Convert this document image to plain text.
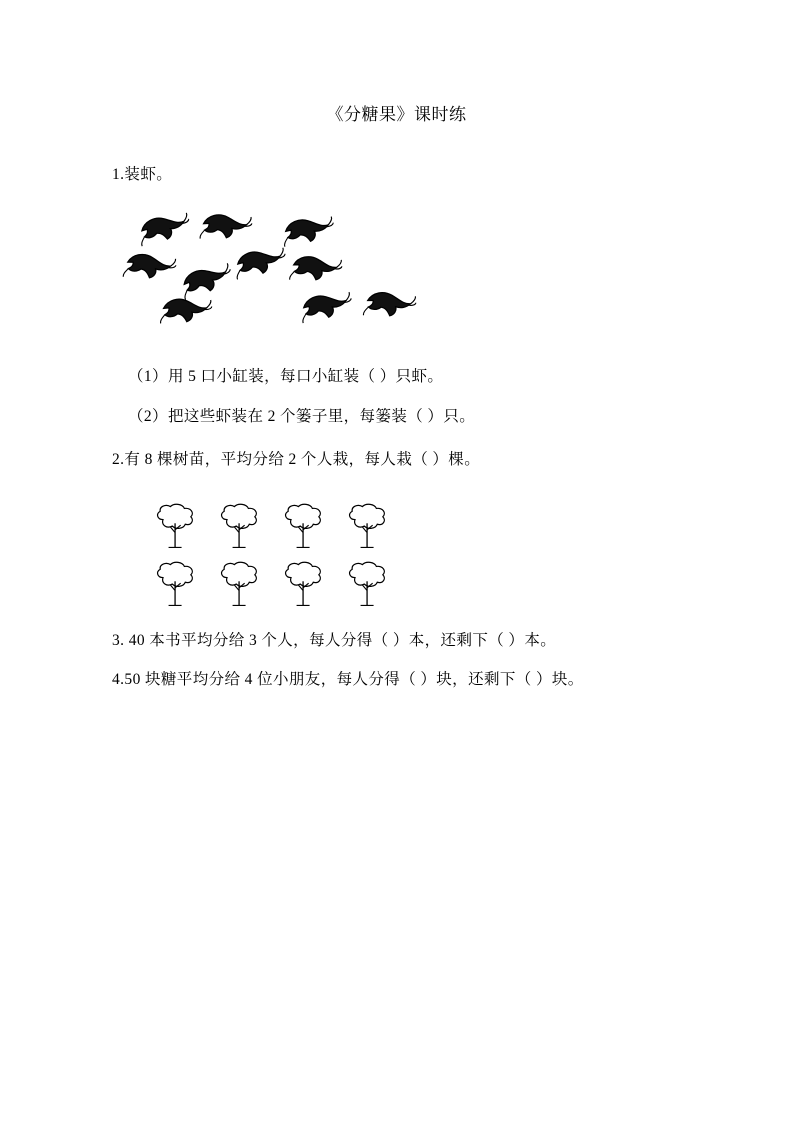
《分糖果》课时练
1.装虾。
（1）用 5 口小缸装，每口小缸装（ ）只虾。
（2）把这些虾装在 2 个篓子里，每篓装（ ）只。
2.有 8 棵树苗，平均分给 2 个人栽，每人栽（ ）棵。
3. 40 本书平均分给 3 个人，每人分得（ ）本，还剩下（ ）本。
4.50 块糖平均分给 4 位小朋友，每人分得（ ）块，还剩下（ ）块。
